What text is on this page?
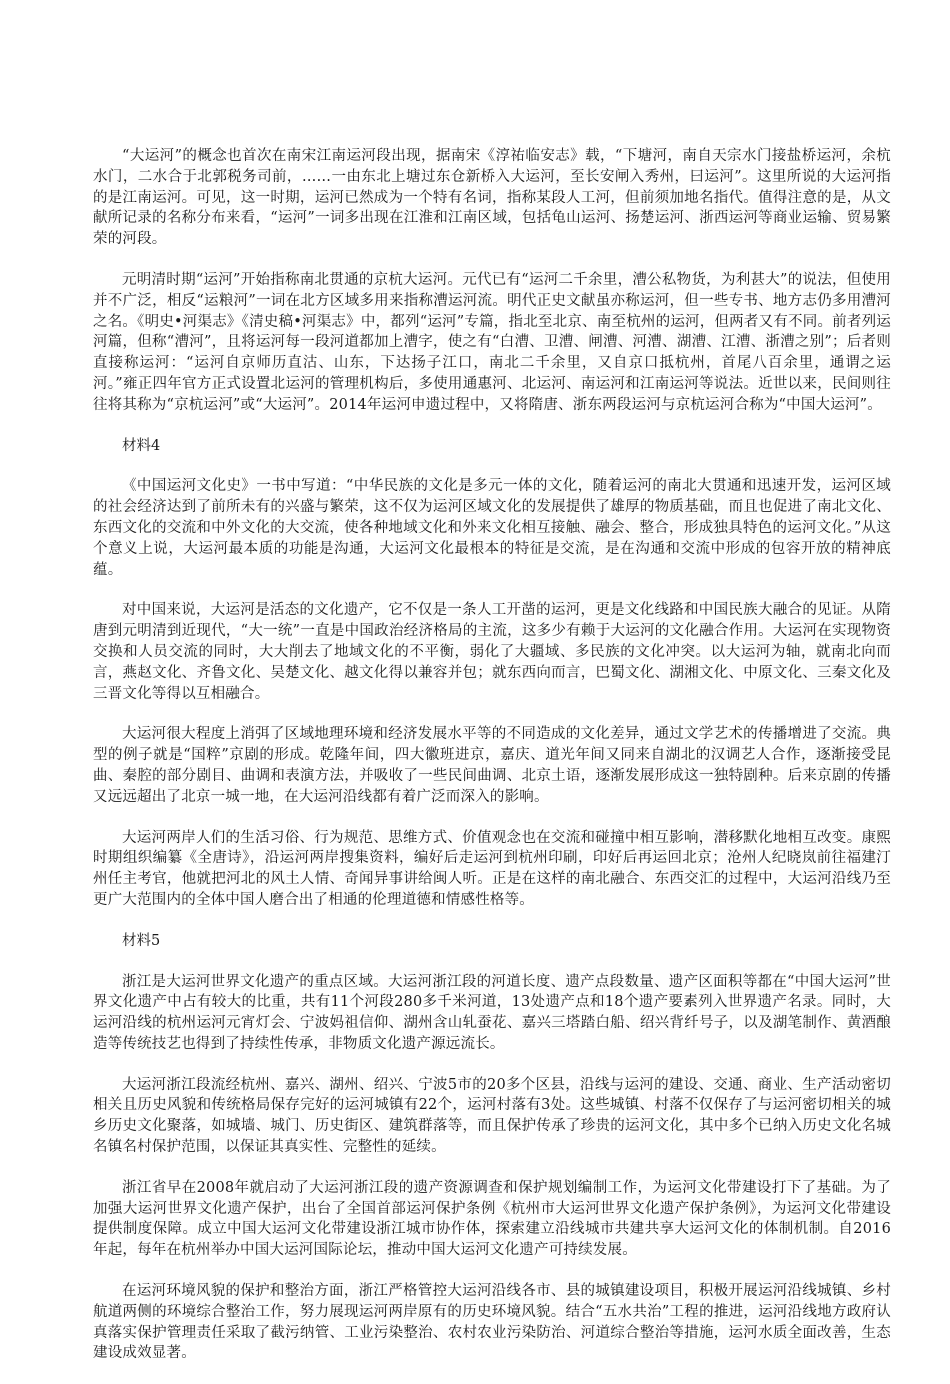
“大运河”的概念也首次在南宋江南运河段出现，据南宋《淳祐临安志》载，“下塘河，南自天宗水门接盐桥运河，余杭水门，二水合于北郭税务司前，……一由东北上塘过东仓新桥入大运河，至长安闸入秀州，曰运河”。这里所说的大运河指的是江南运河。可见，这一时期，运河已然成为一个特有名词，指称某段人工河，但前须加地名指代。值得注意的是，从文献所记录的名称分布来看，“运河”一词多出现在江淮和江南区域，包括龟山运河、扬楚运河、浙西运河等商业运输、贸易繁荣的河段。

元明清时期“运河”开始指称南北贯通的京杭大运河。元代已有“运河二千余里，漕公私物货，为利甚大”的说法，但使用并不广泛，相反“运粮河”一词在北方区域多用来指称漕运河流。明代正史文献虽亦称运河，但一些专书、地方志仍多用漕河之名。《明史•河渠志》《清史稿•河渠志》中，都列“运河”专篇，指北至北京、南至杭州的运河，但两者又有不同。前者列运河篇，但称“漕河”，且将运河每一段河道都加上漕字，使之有“白漕、卫漕、闸漕、河漕、湖漕、江漕、浙漕之别”；后者则直接称运河：“运河自京师历直沽、山东，下达扬子江口，南北二千余里，又自京口抵杭州，首尾八百余里，通谓之运河。”雍正四年官方正式设置北运河的管理机构后，多使用通惠河、北运河、南运河和江南运河等说法。近世以来，民间则往往将其称为“京杭运河”或“大运河”。2014年运河申遗过程中，又将隋唐、浙东两段运河与京杭运河合称为“中国大运河”。

材料4

《中国运河文化史》一书中写道：“中华民族的文化是多元一体的文化，随着运河的南北大贯通和迅速开发，运河区域的社会经济达到了前所未有的兴盛与繁荣，这不仅为运河区域文化的发展提供了雄厚的物质基础，而且也促进了南北文化、东西文化的交流和中外文化的大交流，使各种地域文化和外来文化相互接触、融会、整合，形成独具特色的运河文化。”从这个意义上说，大运河最本质的功能是沟通，大运河文化最根本的特征是交流，是在沟通和交流中形成的包容开放的精神底蕴。

对中国来说，大运河是活态的文化遗产，它不仅是一条人工开凿的运河，更是文化线路和中国民族大融合的见证。从隋唐到元明清到近现代，“大一统”一直是中国政治经济格局的主流，这多少有赖于大运河的文化融合作用。大运河在实现物资交换和人员交流的同时，大大削去了地域文化的不平衡，弱化了大疆域、多民族的文化冲突。以大运河为轴，就南北向而言，燕赵文化、齐鲁文化、吴楚文化、越文化得以兼容并包；就东西向而言，巴蜀文化、湖湘文化、中原文化、三秦文化及三晋文化等得以互相融合。

大运河很大程度上消弭了区域地理环境和经济发展水平等的不同造成的文化差异，通过文学艺术的传播增进了交流。典型的例子就是“国粹”京剧的形成。乾隆年间，四大徽班进京，嘉庆、道光年间又同来自湖北的汉调艺人合作，逐渐接受昆曲、秦腔的部分剧目、曲调和表演方法，并吸收了一些民间曲调、北京土语，逐渐发展形成这一独特剧种。后来京剧的传播又远远超出了北京一城一地，在大运河沿线都有着广泛而深入的影响。

大运河两岸人们的生活习俗、行为规范、思维方式、价值观念也在交流和碰撞中相互影响，潜移默化地相互改变。康熙时期组织编纂《全唐诗》，沿运河两岸搜集资料，编好后走运河到杭州印刷，印好后再运回北京；沧州人纪晓岚前往福建汀州任主考官，他就把河北的风土人情、奇闻异事讲给闽人听。正是在这样的南北融合、东西交汇的过程中，大运河沿线乃至更广大范围内的全体中国人磨合出了相通的伦理道德和情感性格等。

材料5

浙江是大运河世界文化遗产的重点区域。大运河浙江段的河道长度、遗产点段数量、遗产区面积等都在“中国大运河”世界文化遗产中占有较大的比重，共有11个河段280多千米河道，13处遗产点和18个遗产要素列入世界遗产名录。同时，大运河沿线的杭州运河元宵灯会、宁波妈祖信仰、湖州含山轧蚕花、嘉兴三塔踏白船、绍兴背纤号子，以及湖笔制作、黄酒酿造等传统技艺也得到了持续性传承，非物质文化遗产源远流长。

大运河浙江段流经杭州、嘉兴、湖州、绍兴、宁波5市的20多个区县，沿线与运河的建设、交通、商业、生产活动密切相关且历史风貌和传统格局保存完好的运河城镇有22个，运河村落有3处。这些城镇、村落不仅保存了与运河密切相关的城乡历史文化聚落，如城墙、城门、历史街区、建筑群落等，而且保护传承了珍贵的运河文化，其中多个已纳入历史文化名城名镇名村保护范围，以保证其真实性、完整性的延续。

浙江省早在2008年就启动了大运河浙江段的遗产资源调查和保护规划编制工作，为运河文化带建设打下了基础。为了加强大运河世界文化遗产保护，出台了全国首部运河保护条例《杭州市大运河世界文化遗产保护条例》，为运河文化带建设提供制度保障。成立中国大运河文化带建设浙江城市协作体，探索建立沿线城市共建共享大运河文化的体制机制。自2016年起，每年在杭州举办中国大运河国际论坛，推动中国大运河文化遗产可持续发展。

在运河环境风貌的保护和整治方面，浙江严格管控大运河沿线各市、县的城镇建设项目，积极开展运河沿线城镇、乡村航道两侧的环境综合整治工作，努力展现运河两岸原有的历史环境风貌。结合“五水共治”工程的推进，运河沿线地方政府认真落实保护管理责任采取了截污纳管、工业污染整治、农村农业污染防治、河道综合整治等措施，运河水质全面改善，生态建设成效显著。
